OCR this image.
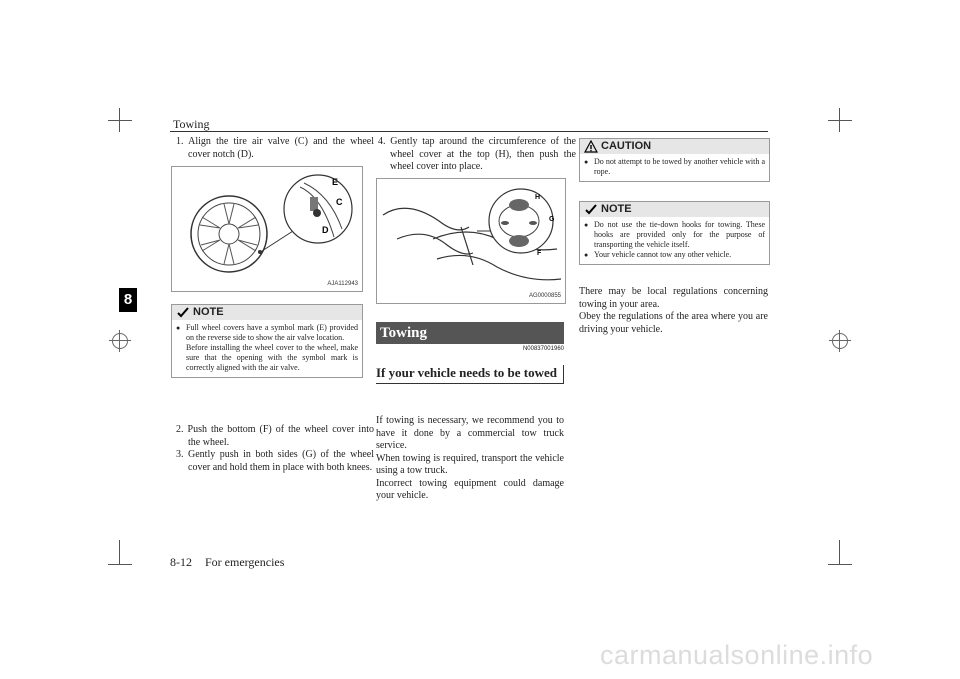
Towing
8
1. Align the tire air valve (C) and the wheel cover notch (D).
E
C
D
AJA112943
NOTE

● Full wheel covers have a symbol mark (E) provided on the reverse side to show the air valve location.

Before installing the wheel cover to the wheel, make sure that the opening with the symbol mark is correctly aligned with the air valve.

2. Push the bottom (F) of the wheel cover into the wheel.
3. Gently push in both sides (G) of the wheel cover and hold them in place with both knees.
4. Gently tap around the circumference of the wheel cover at the top (H), then push the wheel cover into place.
H
G
F
AG0000855
Towing
N00837001960
If your vehicle needs to be towed
If towing is necessary, we recommend you to have it done by a commercial tow truck service.
When towing is required, transport the vehicle using a tow truck.
Incorrect towing equipment could damage your vehicle.
CAUTION
● Do not attempt to be towed by another vehicle with a rope.
NOTE
● Do not use the tie-down hooks for towing. These hooks are provided only for the purpose of transporting the vehicle itself.
● Your vehicle cannot tow any other vehicle.
There may be local regulations concerning towing in your area.
Obey the regulations of the area where you are driving your vehicle.
8-12 For emergencies
carmanualsonline.info
